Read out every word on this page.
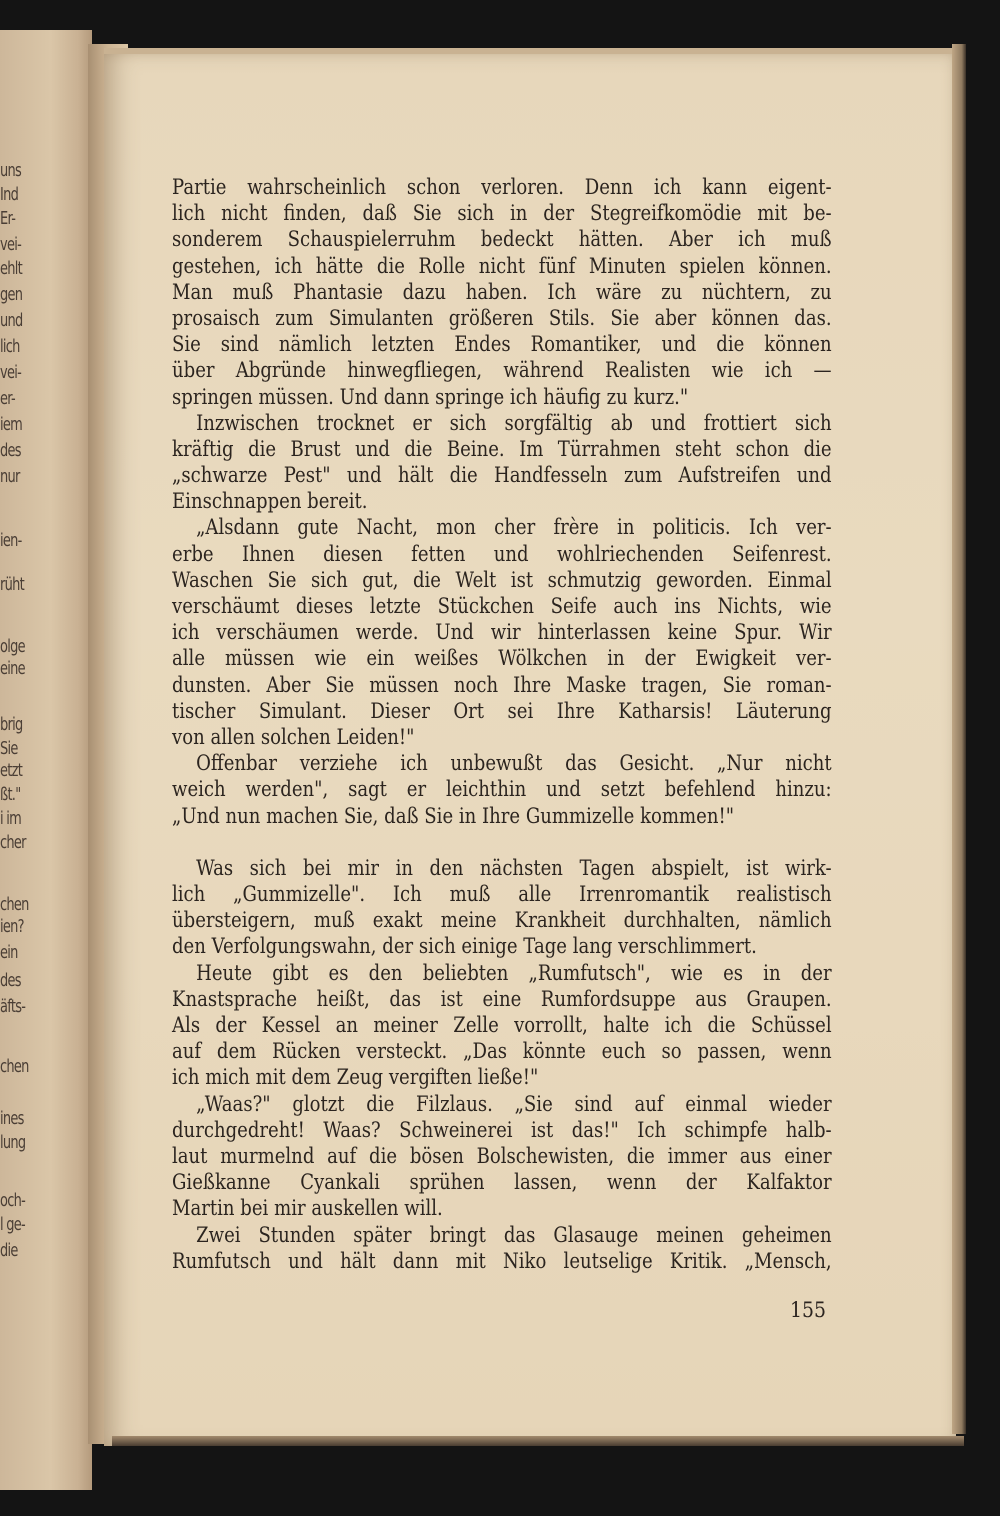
uns
Ind
Er-
vei-
ehlt
gen
und
lich
vei-
er-
iem
des
nur
ien-
rüht
olge
eine
brig
Sie
etzt
ßt."
i im
cher
chen
ien?
ein
des
äfts-
chen
ines
lung
och-
l ge-
die
Partie wahrscheinlich schon verloren. Denn ich kann eigent-
lich nicht finden, daß Sie sich in der Stegreifkomödie mit be-
sonderem Schauspielerruhm bedeckt hätten. Aber ich muß
gestehen, ich hätte die Rolle nicht fünf Minuten spielen können.
Man muß Phantasie dazu haben. Ich wäre zu nüchtern, zu
prosaisch zum Simulanten größeren Stils. Sie aber können das.
Sie sind nämlich letzten Endes Romantiker, und die können
über Abgründe hinwegfliegen, während Realisten wie ich —
springen müssen. Und dann springe ich häufig zu kurz."
Inzwischen trocknet er sich sorgfältig ab und frottiert sich
kräftig die Brust und die Beine. Im Türrahmen steht schon die
„schwarze Pest" und hält die Handfesseln zum Aufstreifen und
Einschnappen bereit.
„Alsdann gute Nacht, mon cher frère in politicis. Ich ver-
erbe Ihnen diesen fetten und wohlriechenden Seifenrest.
Waschen Sie sich gut, die Welt ist schmutzig geworden. Einmal
verschäumt dieses letzte Stückchen Seife auch ins Nichts, wie
ich verschäumen werde. Und wir hinterlassen keine Spur. Wir
alle müssen wie ein weißes Wölkchen in der Ewigkeit ver-
dunsten. Aber Sie müssen noch Ihre Maske tragen, Sie roman-
tischer Simulant. Dieser Ort sei Ihre Katharsis! Läuterung
von allen solchen Leiden!"
Offenbar verziehe ich unbewußt das Gesicht. „Nur nicht
weich werden", sagt er leichthin und setzt befehlend hinzu:
„Und nun machen Sie, daß Sie in Ihre Gummizelle kommen!"
Was sich bei mir in den nächsten Tagen abspielt, ist wirk-
lich „Gummizelle". Ich muß alle Irrenromantik realistisch
übersteigern, muß exakt meine Krankheit durchhalten, nämlich
den Verfolgungswahn, der sich einige Tage lang verschlimmert.
Heute gibt es den beliebten „Rumfutsch", wie es in der
Knastsprache heißt, das ist eine Rumfordsuppe aus Graupen.
Als der Kessel an meiner Zelle vorrollt, halte ich die Schüssel
auf dem Rücken versteckt. „Das könnte euch so passen, wenn
ich mich mit dem Zeug vergiften ließe!"
„Waas?" glotzt die Filzlaus. „Sie sind auf einmal wieder
durchgedreht! Waas? Schweinerei ist das!" Ich schimpfe halb-
laut murmelnd auf die bösen Bolschewisten, die immer aus einer
Gießkanne Cyankali sprühen lassen, wenn der Kalfaktor
Martin bei mir auskellen will.
Zwei Stunden später bringt das Glasauge meinen geheimen
Rumfutsch und hält dann mit Niko leutselige Kritik. „Mensch,
155
